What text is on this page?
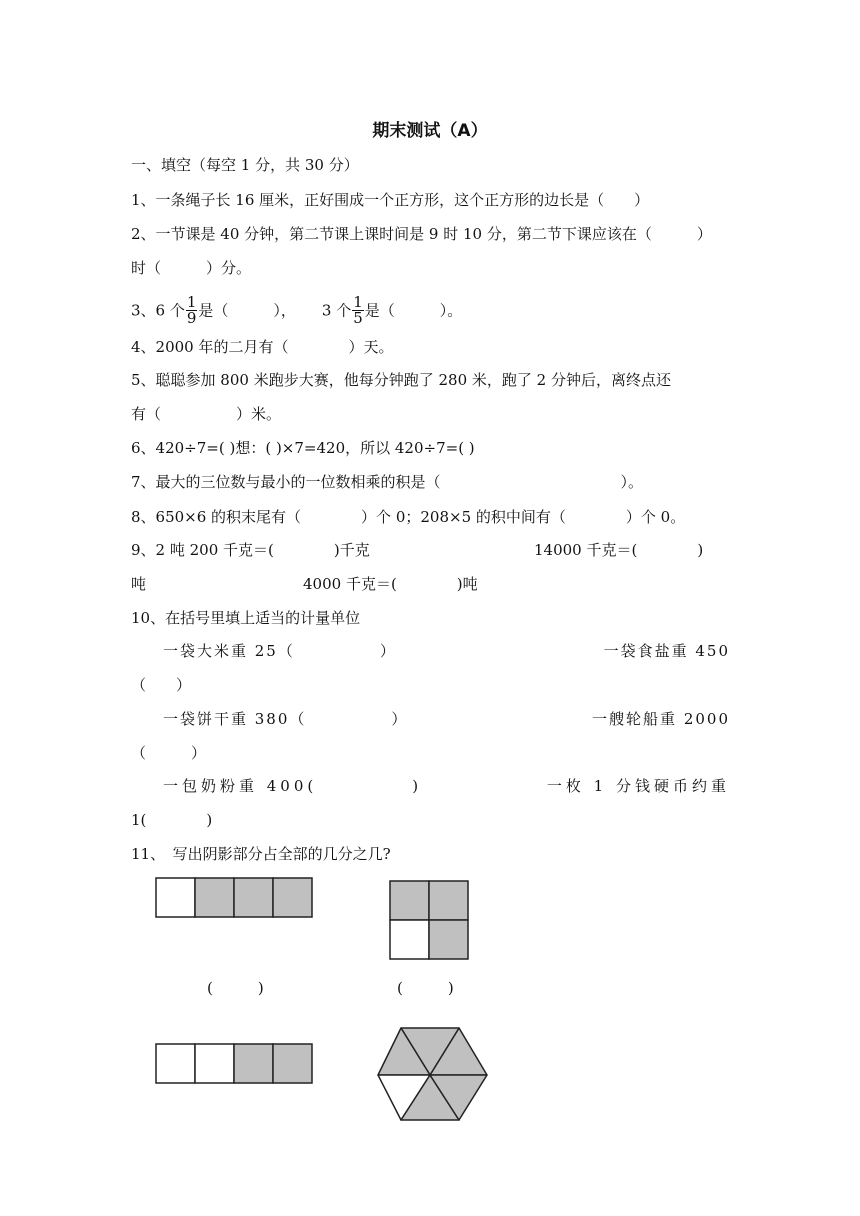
期末测试（A）
一、填空（每空 1 分，共 30 分）
1、一条绳子长 16 厘米，正好围成一个正方形，这个正方形的边长是（　　）
2、一节课是 40 分钟，第二节课上课时间是 9 时 10 分，第二节下课应该在（　　　）
时（　　　）分。
3、6 个 $\frac{1}{9}$ 是（　　　）， 3 个 $\frac{1}{5}$ 是（　　　）。
4、2000 年的二月有（　　　　）天。
5、聪聪参加 800 米跑步大赛，他每分钟跑了 280 米，跑了 2 分钟后，离终点还
有（　　　　　）米。
6、420÷7=( )想：( )×7=420，所以 420÷7=( )
7、最大的三位数与最小的一位数相乘的积是（　　　　　　　　　　　　）。
8、650×6 的积末尾有（　　　　）个 0；208×5 的积中间有（　　　　）个 0。
9、2 吨 200 千克＝(　　　　)千克	14000 千克＝(　　　　)
吨	4000 千克＝(　　　　)吨
10、在括号里填上适当的计量单位
一袋大米重 25（　　　　　）	一袋食盐重 450
（　　）
一袋饼干重 380（　　　　　）	一艘轮船重 2000
（　　　）
一包奶粉重 400(　　　　　)	一枚 1 分钱硬币约重
1(　　　　)
11、　写出阴影部分占全部的几分之几?
(　　　)	(　　　)
